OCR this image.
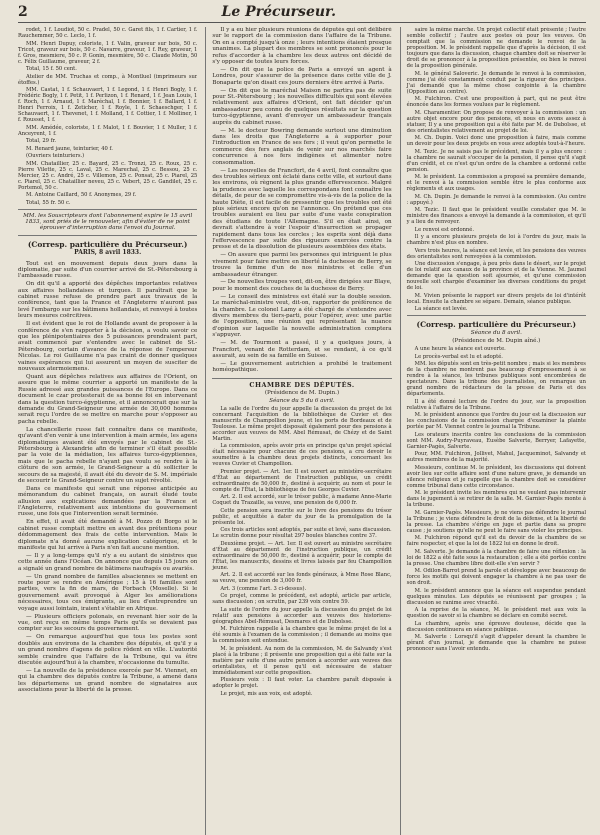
2	Le Précurseur.

rodet, 1 f. Loudiot, 50 c. Pradel, 50 c. Garet fils, 1 f. Cartier, 1 f. Rauchemmer, 50 c. Leclo, 1 f.

MM. Henri Dupuy, coloriste, 1 f. Valin, graveur sur bois, 50 c. Tricot, graveur sur bois, 50 c. Navarre, graveur, 1 f. Rey, graveur, 1 f. Gros, mesmiere, 50 c. P. Gonin, mesmière, 50 c. Claude Motin, 50 c. Félix Guillaume, graveur, 2 f.

Total, 15 f. 50 cent.

Atelier de MM. Truchas et comp., à Montluel (imprimeurs sur étoffes.)

MM. Castat, 1 f. Schauvaert, 1 f. Legond, 1 f. Henri Bogly, 1 f. Frédéric Bogly, 1 f. Petit, 1 f. Perlizon, 1 f. Renard, 1 f. Jean Louis, 1 f. Roch, 1 f. Arnaud, 1 f. Maréchal, 1 f. Bonnier, 1 f. Ballard, 1 f. Henri Ferroix, 1 f. Zeticher, 1 f. Royle, 1 f. Schaeschger, 1 f. Schauvaert, 1 f. Thevenet, 1 f. Molland, 1 f. Cottier, 1 f. Molliner, 1 f. Rousset, 1 f.

MM. Amédée, coloriste, 1 f. Malot, 1 f. Bouvier, 1 f. Muller, 1 f. Anceyrent, 1 f.

Total, 29 fr.

M. Renard jaune, teinturier, 40 f.

(Ouvriers teinturiers.)

MM. Chataillier, 25 c. Bayard, 25 c. Tronzi, 25 c. Roux, 25 c. Pierre Vilette, 25 c. Laval, 25 c. Marechal, 25 c. Bessou, 25 c. Mercier, 25 c. André, 25 c. Villemon, 25 c. Ponsat, 25 c. Piarel, 25 c. Piarel, 25 c. Chataillier neveu, 25 c. Vebert, 25 c. Gandilet, 25 c. Portemol, 50 c.

M. Antoine Caillard, 50 f. Anonymes, 29 f.

Total, 55 fr. 50 c.

MM. les Souscripteurs dont l'abonnement expire le 15 avril 1833, sont priés de le renouveler, afin d'éviter de ne point éprouver d'interruption dans l'envoi du Journal.

(Corresp. particulière du Précurseur.)
PARIS, 8 avril 1833.

Tout est en mouvement depuis deux jours dans la diplomatie, par suite d'un courrier arrivé de St.-Pétersbourg à l'ambassade russe.

On dit qu'il a apporté des dépêches importantes relatives aux affaires hollandaises et turques. Il paraîtrait que le cabinet russe refuse de prendre part aux travaux de la conférence, tant que la France et l'Angleterre n'auront pas levé l'embargo sur les bâtimens hollandais, et renvoyé à toutes leurs mesures coërcitives.

Il est évident que le roi de Hollande avant de proposer à la conférence de s'en rapporter à la décision, a voulu savoir ce que les plénipotentiaires des 5 puissances prendraient part, avait commencé par s'entendre avec le cabinet de St.-Pétersbourg, certain d'avance de la réponse de l'empereur Nicolas. Le roi Guillaume n'a pas craint de donner quelques vaines espérances qui lui assurent un moyen de susciter de nouveaux atermoiemens.

Quant aux dépêches relatives aux affaires de l'Orient, on assure que le même courrier a apporté un manifeste de la Russie adressé aux grandes puissances de l'Europe. Dans ce document le czar protesterait de sa bonne foi en intervenant dans la question turco-égyptienne, et il annoncerait que sur la demande du Grand-Seigneur une armée de 30,000 hommes serait reçu l'ordre de se mettre en marche pour s'opposer au pacha rebelle.

La chancellerie russe fait connaître dans ce manifeste, qu'avant d'en venir à une intervention à main armée, les agens diplomatiques avaient été envoyés par le cabinet de St.-Pétersbourg à Alexandrie afin de terminer s'il était possible par la voie de la médiation, les affaires turco-égyptiennes, mais que le pacha rebelle n'ayant pas voulu se rendre à la clôture de son armée, le Grand-Seigneur a dû solliciter le secours de sa majesté, il avait été du devoir de S. M. impériale de secourir le Grand-Seigneur contre un sujet révolté.

Dans ce manifeste qui serait une réponse anticipée au mémorandum du cabinet français, on aurait éludé toute allusion aux explications demandées par la France et l'Angleterre, relativement aux intentions du gouvernement russe, une fois que l'intervention serait terminée.

En effet, il avait été demandé à M. Pozzo di Borgo si le cabinet russe comptait mettre en avant des prétentions pour dédommagement des frais de cette intervention. Mais le diplomate n'a donné aucune explication catégorique, et le manifeste qui lui arrive à Paris n'en fait aucune mention.

— Il y a long-temps qu'il n'y a eu autant de sinistres que cette année dans l'Océan. On annonce que depuis 15 jours on a signalé un grand nombre de bâtimens naufragés ou avariés.

— Un grand nombre de familles alsaciennes se mettent en route pour se rendre en Amérique ; 15 à 16 familles sont parties, vers la fin de mars, de Forbach (Moselle). Si le gouvernement avait provoqué à Alger les améliorations nécessaires, tous ces émigrants, au lieu d'entreprendre un voyage aussi lointain, iraient s'établir en Afrique.

— Plusieurs officiers polonais, en revenant hier soir de la vue, ont reçu en même temps Paris qu'ils se devaient pas compter sur les secours du gouvernement.

— On remarque aujourd'hui que tous les postes sont doublés aux environs de la chambre des députés, et qu'il y a un grand nombre d'agens de police rôdent en ville. L'autorité semble craindre que l'affaire de la Tribune, qui va être discutée aujourd'hui à la chambre, n'occasionne du tumulte.

— La nouvelle de la présidence exercée par M. Viennet, en qui la chambre des députés contre la Tribune, a amené dans les départemens un grand nombre de signataires aux associations pour la liberté de la presse.

Il y a eu hier plusieurs réunions de députés qui ont délibéré sur le rapport de la commission dans l'affaire de la Tribune. On en a compté jusqu'à onze ; leurs intentions étaient presque unanimes. La plupart des membres se sont prononcés pour le refus d'accorder à la chambre les deux autres ont décidé de s'y opposer de toutes leurs forces.

— On dit que la police de Paris a envoyé un agent à Londres, pour s'assurer de la présence dans cette ville de J. Bonaparte qu'on disait ces jours derniers être arrivé à Paris.

— On dit que le maréchal Maison ne partira pas de suite pour St.-Pétersbourg ; les nouvelles difficultés qui sont élevées relativement aux affaires d'Orient, ont fait décider qu'un ambassadeur peu connu de quelques résultats sur la question turco-égyptienne, avant d'envoyer un ambassadeur français auprès du cabinet russe.

— M. le docteur Bowring demande surtout une diminution dans les droits que l'Angleterre a à supporter pour l'introduction en France de ses fers ; il veut qu'on permette le commerce des fers anglais de venir sur nos marchés faire concurrence à nos fers indigènes et alimenter notre consommation.

— Les nouvelles de Francfort, de 4 avril, font connaître que des troubles sérieux ont éclaté dans cette ville, et surtout dans les environs, où règnent la plus grande effervescence. Malgré la prudence avec laquelle les correspondans font connaître les détails, de peur de se compromettre vis-à-vis de la police de la haute Diète, il est facile de pressentir que les troubles ont été plus sérieux encore qu'on ne l'annonce. On prétend que ces troubles auraient eu lieu par suite d'une vaste conspiration des étudians de toute l'Allemagne. S'il en était ainsi, on devrait s'attendre à voir l'espoir d'insurrection se propager rapidement dans tous les cercles ; les esprits sont déjà dans l'effervescence par suite des rigueurs exercées contre la presse et de la dissolution de plusieurs assemblées des états.

— On assure que parmi les personnes qui intriguent le plus vivement pour faire mettre en liberté la duchesse de Berry, se trouve la femme d'un de nos ministres et celle d'un ambassadeur étranger.

— De nouvelles troupes vont, dit-on, être dirigées sur Blaye, pour le moment des couches de la duchesse de Berry.

— Le conseil des ministres est étalé sur la double session. Le maréchal-ministre veut, dit-on, rapporter de préférence de la chambre. Le colonel Lamy a été chargé de s'entendre avec divers membres du tiers-parti, pour l'opérer, avec une partie de l'opposition, une réunion qui représentant la nuance d'opinion sur laquelle la nouvelle administration comptera s'appuyer.

— M. de Tourmont a passé, il y a quelques jours, à Francfort, venant de Rotterdam, et se rendant, à ce qu'il assurait, au sein de sa famille en Suisse.

— Le gouvernement autrichien a prohibé le traitement homéopathique.

CHAMBRE DES DÉPUTÉS.

(Présidence de M. Dupin.)

Séance du 5 du 6 avril.

La salle de l'ordre du jour appelle la discussion du projet de loi concernant l'acquisition de la bibliothèque de Cuvier et des manuscrits de Champollion jeune, et les ports de Bordeaux et de Toulouse. Le même projet disposait également pour des pensions à accorder aux veuves de MM. Abel Rémusat, de Chézy et de Saint Martin.

La commission, après avoir pris en principe qu'un projet spécial était nécessaire pour chacune de ces pensions, a cru devoir le soumettre à la chambre deux projets distincts, concernant les veuves Cuvier et Champollion.

Premier projet. — Art. 1er. Il est ouvert au ministère-secrétaire d'État au département de l'instruction publique, un crédit extraordinaire de 50,000 fr., destiné à acquérir, au nom et pour le compte de l'État, la bibliothèque de feu Georges Cuvier.

Art. 2. Il est accordé, sur le trésor public, à madame Anne-Marie Coquet du Trazaille, sa veuve, une pension de 6,000 fr.

Cette pension sera inscrite sur le livre des pensions du trésor public, et acquittée à dater du jour de la promulgation de la présente loi.

Ces trois articles sont adoptés, par suite et levé, sans discussion. Le scrutin donne pour résultat 297 boules blanches contre 37.

Deuxième projet. — Art. 1er. Il est ouvert au ministre secrétaire d'État au département de l'instruction publique, un crédit extraordinaire de 50,000 fr., destiné à acquérir, pour le compte de l'État, les manuscrits, dessins et livres laissés par feu Champollion jeune.

Art. 2. Il est accordé sur les fonds généraux, à Mme Rose Blanc, sa veuve, une pension de 3,000 fr.

Art. 3 (comme l'art. 3 ci-dessus).

Ce projet, comme le précédent, est adopté, article par article, sans discussion ; on scrutin, par 239 voix contre 59.

La suite de l'ordre du jour appelle la discussion du projet de loi relatif aux pensions à accorder aux veuves des historiens-géographes Abel-Rémusat, Desmares et de Dubolsse.

M. Fulchiron rappelle à la chambre que le même projet de loi a été soumis à l'examen de la commission ; il demande au moins que la commission soit entendue.

M. le président. Au nom de la commission, M. de Salvandy s'est placé à la tribune ; il présente une proposition qui a été faite sur la matière par suite d'une autre pension à accorder aux veuves des orientalistes, et il pense qu'il est nécessaire de statuer immédiatement sur cette proposition.

Plusieurs voix : Il faut voter. La chambre paraît disposée à adopter le projet.

Le projet, mis aux voix, est adopté.

saire la même marche. Un projet collectif était présenté ; l'autre semble collectif ; l'autre aux postes où pour les veuves. On comptait que la commission ne demande le renvoi de la proposition. M. le président rappelle que d'après la décision, il est toujours que dans la discussion, chaque chambre doit se réserver le droit de se prononcer à la proposition présentée, ou bien le renvoi de la proposition générale.

M. le général Saloveric. Je demande le renvoi à la commission, comme j'ai été constamment conduit par la rigueur des principes. J'ai demandé que la même chose conjointe à la chambre (Opposition au centre).

M. Fulchiron. C'est une proposition à part, qui ne peut être énoncée dans les formes voulues par le règlement.

M. Charamentier. On propose de renvoyer à la commission : un autre objet encore pour des pensions, et nous en avons assez à statuer, Il y a une proposition qui a été faite par M. de Dubolsse, et des orientalistes relativement au projet de loi.

M. Ch. Dupin. Voici donc une proposition à faire, mais comme un devoir pour les deux projets en vous avez adoptés tout-à-l'heure.

M. Tezic. Je ne saisis pas le précédent, mais il y a plus encore : la chambre ne saurait s'occuper de la pension, il pense qu'il s'agit d'un crédit, et ce n'est qu'un ordre de la chambre a ordonné cette pension.

M. le président. La commission a proposé sa première demande, et le renvoi à la commission semble être le plus conforme aux règlements et aux usages.

M. Ch. Dupin. Je demande le renvoi à la commission. (Au centre : appuyé.)

M. Tezic. Il faut que le président veuille constater que M. le ministre des finances a envoyé la demande à la commission, et qu'il y a lieu de renvoyer.

Le renvoi est ordonné.

Il y a encore plusieurs projets de loi à l'ordre du jour, mais la chambre n'est plus en nombre.

Vers trois heures, la séance est levée, et les pensions des veuves des orientalistes sont renvoyées à la commission.

Une discussion s'engage, à peu près dans le désert, sur le projet de loi relatif aux canaux de la province et de la Vienne. M. Jaumel demande que la question soit ajournée, et qu'une commission nouvelle soit chargée d'examiner les diverses conditions du projet de loi.

M. Vivien présente le rapport sur divers projets de loi d'intérêt local. Ensuite la chambre se sépare. Demain, séance publique.

La séance est levée.

(Corresp. particulière du Précurseur.)

Séance du 8 avril.

(Présidence de M. Dupin aîné.)

A une heure la séance est ouverte.

Le procès-verbal est lu et adopté.

MM. les députés sont en très-petit nombre ; mais si les membres de la chambre ne montrent pas beaucoup d'empressement à se rendre à la séance, les tribunes publiques sont encombrées de spectateurs. Dans la tribune des journalistes, on remarque un grand nombre de rédacteurs de la presse de Paris et des départements.

Il a été donné lecture de l'ordre du jour, sur la proposition relative à l'affaire de la Tribune.

M. le président annonce que l'ordre du jour est la discussion sur les conclusions de la commission chargée d'examiner la plainte portée par M. Viennet contre le journal la Tribune.

Les orateurs inscrits contre les conclusions de la commission sont MM. Audry-Puyraveau, Eusèbe Salverte, Berryer, Lafayette, Garnier-Pagès, Salverte.

Pour, MM. Fulchiron, Jollivet, Mahul, Jacqueminot, Salvandy et autres membres de la majorité.

Messieurs, continue M. le président, les discussions qui doivent avoir lieu sur cette affaire sont d'une nature grave, je demande un silence religieux et je rappelle que la chambre doit se considérer comme tribunal dans cette circonstance.

M. le président invite les membres qui ne veulent pas intervenir dans le jugement à se retirer de la salle. M. Garnier-Pagès monte à la tribune.

M. Garnier-Pagès. Messieurs, je ne viens pas défendre le journal la Tribune ; je viens défendre le droit de la défense, et la liberté de la presse. La chambre s'érige en juge et partie dans sa propre cause ; je soutiens qu'elle ne peut le faire sans violer les principes.

M. Fulchiron répond qu'il est du devoir de la chambre de se faire respecter, et que la loi de 1822 lui en donne le droit.

M. Salverte. Je demande à la chambre de faire une réflexion : la loi de 1822 a été faite sous la restauration ; elle a été portée contre la presse. Une chambre libre doit-elle s'en servir ?

M. Odilon-Barrot prend la parole et développe avec beaucoup de force les motifs qui doivent engager la chambre à ne pas user de son droit.

M. le président annonce que la séance est suspendue pendant quelques minutes. Les députés se réunissent par groupes ; la discussion se ranime avec vivacité.

A la reprise de la séance, M. le président met aux voix la question de savoir si la chambre se déclare en comité secret.

La chambre, après une épreuve douteuse, décide que la discussion continuera en séance publique.

M. Salverte : Lorsqu'il s'agit d'appeler devant la chambre le gérant d'un journal, je demande que la chambre ne puisse prononcer sans l'avoir entendu.
